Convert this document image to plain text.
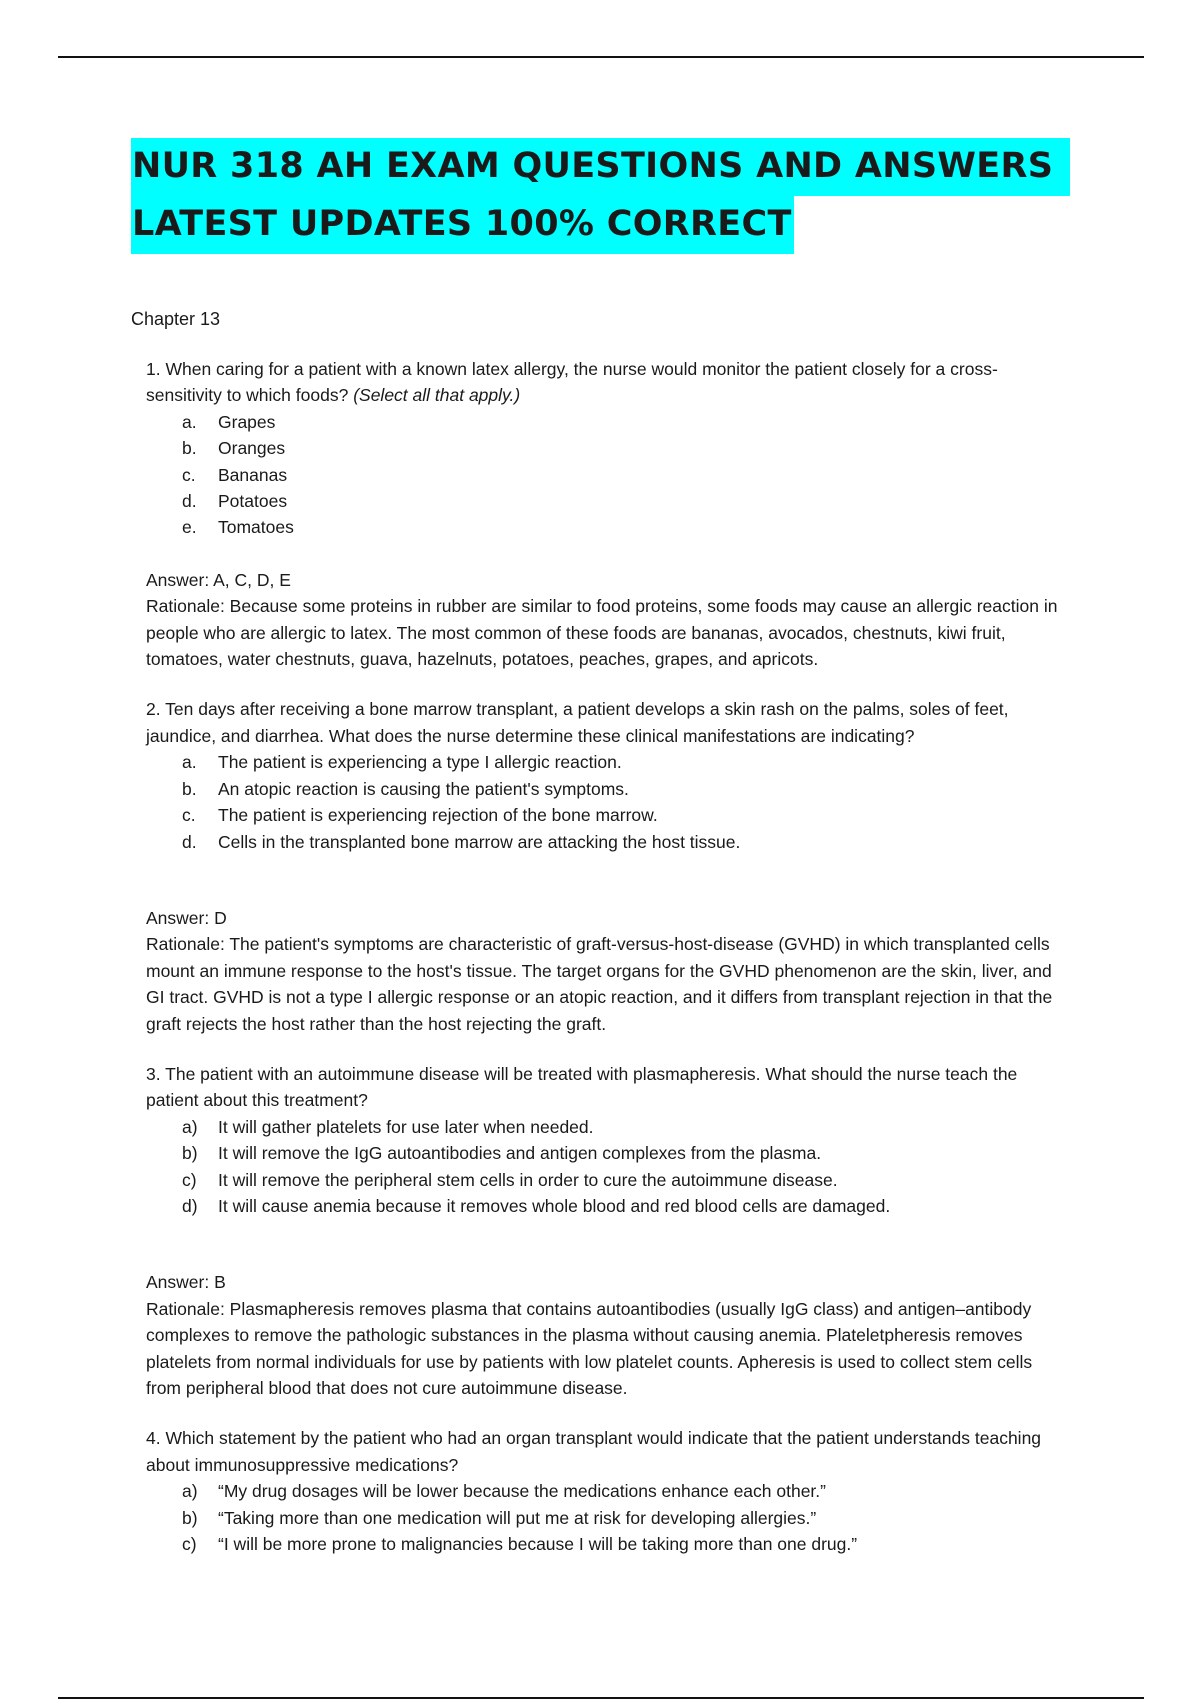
NUR 318 AH EXAM QUESTIONS AND ANSWERS
LATEST UPDATES 100% CORRECT
Chapter 13

1. When caring for a patient with a known latex allergy, the nurse would monitor the patient closely for a cross-sensitivity to which foods? (Select all that apply.)

a.	Grapes
b.	Oranges
c.	Bananas
d.	Potatoes
e.	Tomatoes

Answer: A, C, D, E

Rationale: Because some proteins in rubber are similar to food proteins, some foods may cause an allergic reaction in people who are allergic to latex. The most common of these foods are bananas, avocados, chestnuts, kiwi fruit, tomatoes, water chestnuts, guava, hazelnuts, potatoes, peaches, grapes, and apricots.

2. Ten days after receiving a bone marrow transplant, a patient develops a skin rash on the palms, soles of feet, jaundice, and diarrhea. What does the nurse determine these clinical manifestations are indicating?

a.	The patient is experiencing a type I allergic reaction.
b.	An atopic reaction is causing the patient's symptoms.
c.	The patient is experiencing rejection of the bone marrow.
d.	Cells in the transplanted bone marrow are attacking the host tissue.

Answer: D

Rationale: The patient's symptoms are characteristic of graft-versus-host-disease (GVHD) in which transplanted cells mount an immune response to the host's tissue. The target organs for the GVHD phenomenon are the skin, liver, and GI tract. GVHD is not a type I allergic response or an atopic reaction, and it differs from transplant rejection in that the graft rejects the host rather than the host rejecting the graft.

3. The patient with an autoimmune disease will be treated with plasmapheresis. What should the nurse teach the patient about this treatment?

a)	It will gather platelets for use later when needed.
b)	It will remove the IgG autoantibodies and antigen complexes from the plasma.
c)	It will remove the peripheral stem cells in order to cure the autoimmune disease.
d)	It will cause anemia because it removes whole blood and red blood cells are damaged.

Answer: B

Rationale: Plasmapheresis removes plasma that contains autoantibodies (usually IgG class) and antigen–antibody complexes to remove the pathologic substances in the plasma without causing anemia. Plateletpheresis removes platelets from normal individuals for use by patients with low platelet counts. Apheresis is used to collect stem cells from peripheral blood that does not cure autoimmune disease.

4. Which statement by the patient who had an organ transplant would indicate that the patient understands teaching about immunosuppressive medications?

a)	“My drug dosages will be lower because the medications enhance each other.”
b)	“Taking more than one medication will put me at risk for developing allergies.”
c)	“I will be more prone to malignancies because I will be taking more than one drug.”
